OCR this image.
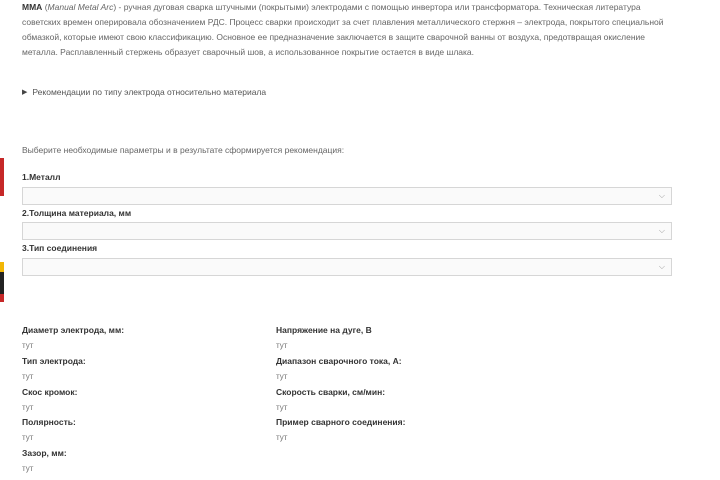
MMA (Manual Metal Arc) - ручная дуговая сварка штучными (покрытыми) электродами с помощью инвертора или трансформатора. Техническая литература советских времен оперировала обозначением РДС. Процесс сварки происходит за счет плавления металлического стержня – электрода, покрытого специальной обмазкой, которые имеют свою классификацию. Основное ее предназначение заключается в защите сварочной ванны от воздуха, предотвращая окисление металла. Расплавленный стержень образует сварочный шов, а использованное покрытие остается в виде шлака.
▶ Рекомендации по типу электрода относительно материала
Выберите необходимые параметры и в результате сформируется рекомендация:
1.Металл
⌵
2.Толщина материала, мм
⌵
3.Тип соединения
⌵
Диаметр электрода, мм:
тут
Тип электрода:
тут
Скос кромок:
тут
Полярность:
тут
Зазор, мм:
тут
Напряжение на дуге, В
тут
Диапазон сварочного тока, А:
тут
Скорость сварки, см/мин:
тут
Пример сварного соединения:
тут
